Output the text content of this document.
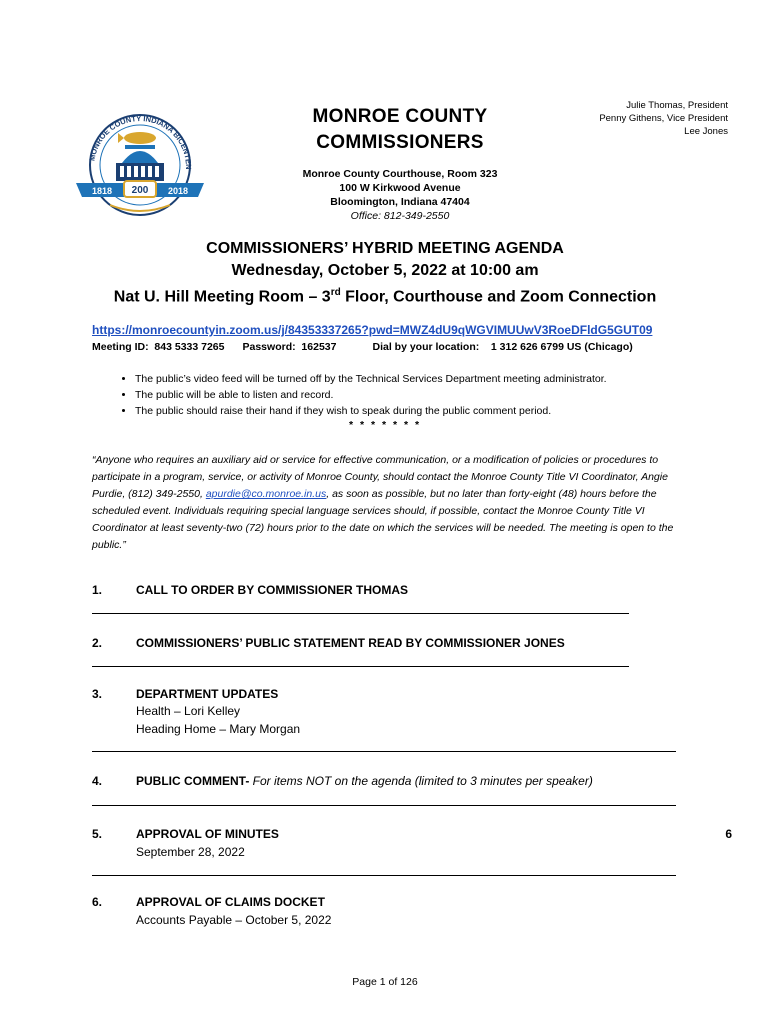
MONROE COUNTY INDIANA BICENTEN
1818	2018
200
MONROE COUNTY
COMMISSIONERS
Julie Thomas, President
Penny Githens, Vice President
Lee Jones
Monroe County Courthouse, Room 323
100 W Kirkwood Avenue
Bloomington, Indiana 47404
Office: 812-349-2550
COMMISSIONERS’ HYBRID MEETING AGENDA
Wednesday, October 5, 2022 at 10:00 am
Nat U. Hill Meeting Room – 3rd Floor, Courthouse and Zoom Connection
https://monroecountyin.zoom.us/j/84353337265?pwd=MWZ4dU9qWGVIMUUwV3RoeDFldG5GUT09
Meeting ID:  843 5333 7265 Password:  162537	Dial by your location:    1 312 626 6799 US (Chicago)
• The public’s video feed will be turned off by the Technical Services Department meeting administrator.
• The public will be able to listen and record.
• The public should raise their hand if they wish to speak during the public comment period.
* * * * * * *
“Anyone who requires an auxiliary aid or service for effective communication, or a modification of policies or procedures to participate in a program, service, or activity of Monroe County, should contact the Monroe County Title VI Coordinator, Angie Purdie, (812) 349-2550, apurdie@co.monroe.in.us, as soon as possible, but no later than forty-eight (48) hours before the scheduled event. Individuals requiring special language services should, if possible, contact the Monroe County Title VI Coordinator at least seventy-two (72) hours prior to the date on which the services will be needed. The meeting is open to the public.”
1.	CALL TO ORDER BY COMMISSIONER THOMAS
2.	COMMISSIONERS’ PUBLIC STATEMENT READ BY COMMISSIONER JONES
3.	DEPARTMENT UPDATES
Health – Lori Kelley
Heading Home – Mary Morgan
4.	PUBLIC COMMENT- For items NOT on the agenda (limited to 3 minutes per speaker)
5.	APPROVAL OF MINUTES	6
September 28, 2022
6.	APPROVAL OF CLAIMS DOCKET
Accounts Payable – October 5, 2022
Page 1 of 126
